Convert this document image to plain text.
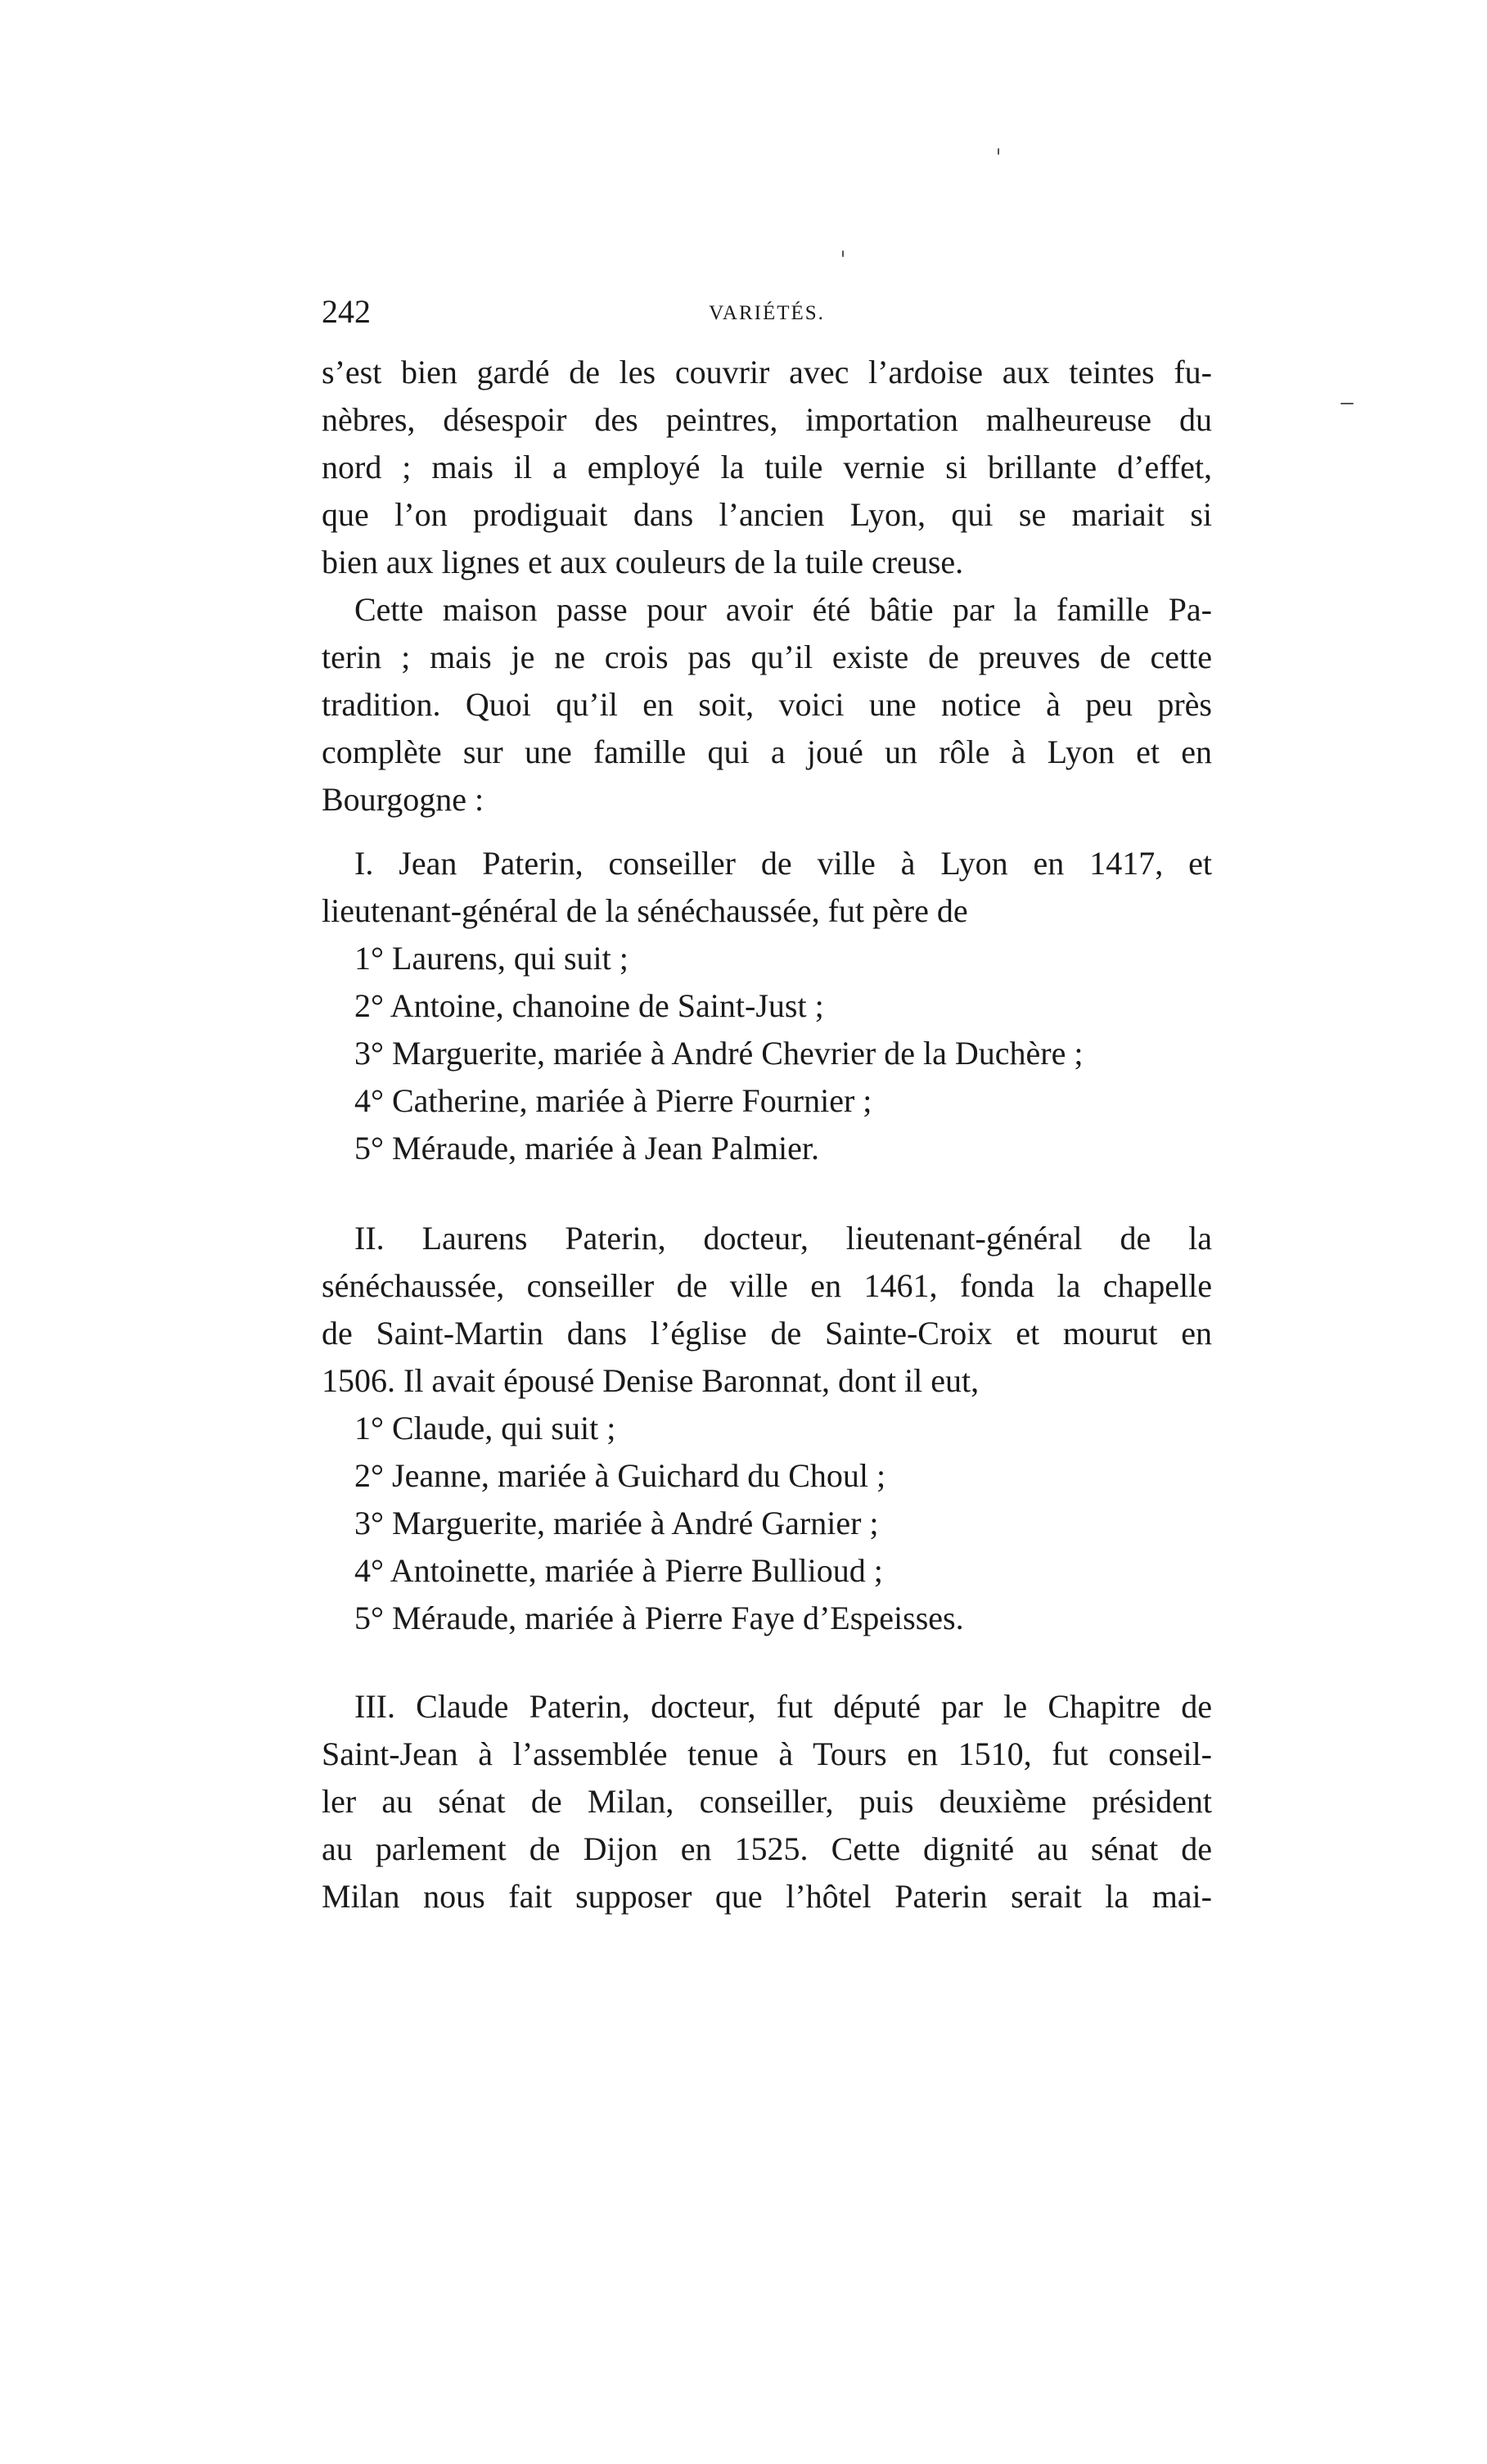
242	VARIÉTÉS.
s’est bien gardé de les couvrir avec l’ardoise aux teintes fu-
nèbres, désespoir des peintres, importation malheureuse du
nord ; mais il a employé la tuile vernie si brillante d’effet,
que l’on prodiguait dans l’ancien Lyon, qui se mariait si
bien aux lignes et aux couleurs de la tuile creuse.
Cette maison passe pour avoir été bâtie par la famille Pa-
terin ; mais je ne crois pas qu’il existe de preuves de cette
tradition. Quoi qu’il en soit, voici une notice à peu près
complète sur une famille qui a joué un rôle à Lyon et en
Bourgogne :
I. Jean Paterin, conseiller de ville à Lyon en 1417, et
lieutenant-général de la sénéchaussée, fut père de
1° Laurens, qui suit ;
2° Antoine, chanoine de Saint-Just ;
3° Marguerite, mariée à André Chevrier de la Duchère ;
4° Catherine, mariée à Pierre Fournier ;
5° Méraude, mariée à Jean Palmier.
II. Laurens Paterin, docteur, lieutenant-général de la
sénéchaussée, conseiller de ville en 1461, fonda la chapelle
de Saint-Martin dans l’église de Sainte-Croix et mourut en
1506. Il avait épousé Denise Baronnat, dont il eut,
1° Claude, qui suit ;
2° Jeanne, mariée à Guichard du Choul ;
3° Marguerite, mariée à André Garnier ;
4° Antoinette, mariée à Pierre Bullioud ;
5° Méraude, mariée à Pierre Faye d’Espeisses.
III. Claude Paterin, docteur, fut député par le Chapitre de
Saint-Jean à l’assemblée tenue à Tours en 1510, fut conseil-
ler au sénat de Milan, conseiller, puis deuxième président
au parlement de Dijon en 1525. Cette dignité au sénat de
Milan nous fait supposer que l’hôtel Paterin serait la mai-
